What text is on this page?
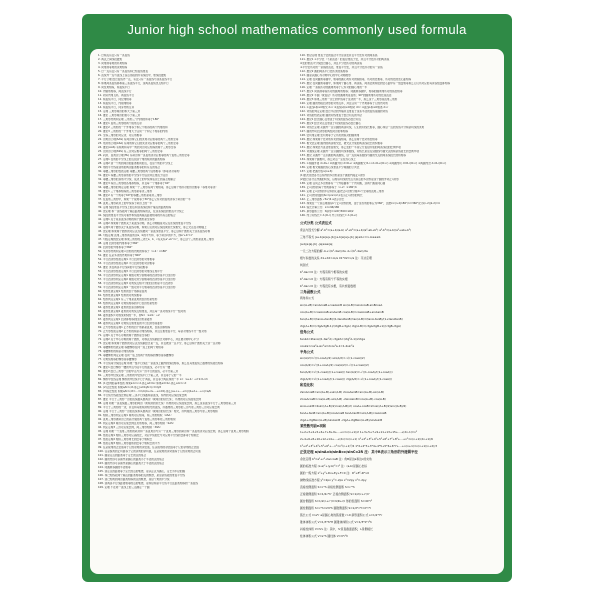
Junior high school mathematics commonly used formula
1. 过两点有且只有一条直线
2. 两点之间线段最短
3. 同角或等角的补角相等
4. 同角或等角的余角相等
5. 过一点有且只有一条直线和已知直线垂直
6. 直线外一点与直线上各点连接的所有线段中，垂线段最短
7. 平行公理 经过直线外一点，有且只有一条直线与这条直线平行
8. 如果两条直线都和第三条直线平行，这两条直线也互相平行
9. 同位角相等，两直线平行
10. 内错角相等，两直线平行
11. 同旁内角互补，两直线平行
12. 两直线平行，同位角相等
13. 两直线平行，内错角相等
14. 两直线平行，同旁内角互补
15. 定理 三角形两边的和大于第三边
16. 推论 三角形两边的差小于第三边
17. 三角形内角和定理 三角形三个内角的和等于180°
18. 推论1 直角三角形的两个锐角互余
19. 推论2 三角形的一个外角等于和它不相邻的两个内角的和
20. 推论3 三角形的一个外角大于任何一个和它不相邻的内角
21. 全等三角形的对应边、对应角相等
22. 边角边公理(SAS) 有两边和它们的夹角对应相等的两个三角形全等
23. 角边角公理(ASA) 有两角和它们的夹边对应相等的两个三角形全等
24. 推论(AAS) 有两角和其中一角的对边对应相等的两个三角形全等
25. 边边边公理(SSS) 有三边对应相等的两个三角形全等
26. 斜边、直角边公理(HL) 有斜边和一条直角边对应相等的两个直角三角形全等
27. 定理1 在角的平分线上的点到这个角的两边的距离相等
28. 定理2 到一个角的两边的距离相同的点，在这个角的平分线上
29. 角的平分线是到角的两边距离相等的所有点的集合
30. 等腰三角形的性质定理 等腰三角形的两个底角相等（即等边对等角）
31. 推论1 等腰三角形顶角的平分线平分底边并且垂直于底边
32. 等腰三角形的顶角平分线、底边上的中线和底边上的高互相重合
33. 推论3 等边三角形的各角都相等，并且每一个角都等于60°
34. 等腰三角形的判定定理 如果一个三角形有两个角相等，那么这两个角所对的边也相等（等角对等边）
35. 推论1 三个角都相等的三角形是等边三角形
36. 推论2 有一个角等于60°的等腰三角形是等边三角形
37. 在直角三角形中，如果一个锐角等于30°那么它所对的直角边等于斜边的一半
38. 直角三角形斜边上的中线等于斜边上的一半
39. 定理 线段垂直平分线上的点和这条线段两个端点的距离相等
40. 逆定理 和一条线段两个端点距离相等的点，在这条线段的垂直平分线上
41. 线段的垂直平分线可看作和线段两端点距离相等的所有点的集合
42. 定理1 关于某条直线对称的两个图形是全等形
43. 定理2 如果两个图形关于某直线对称，那么对称轴是对应点连线的垂直平分线
44. 定理3 两个图形关于某直线对称，如果它们的对应线段或延长线相交，那么交点在对称轴上
45. 逆定理 如果两个图形的对应点连线被同一条直线垂直平分，那么这两个图形关于这条直线对称
46. 勾股定理 直角三角形两直角边a、b的平方和、等于斜边c的平方，即a²+b²=c²
47. 勾股定理的逆定理 如果三角形的三边长a、b、c有关系a²+b²=c²，那么这个三角形是直角三角形
48. 定理 四边形的内角和等于360°
49. 四边形的外角和等于360°
50. 多边形内角和定理 n边形的内角的和等于（n-2）×180°
51. 推论 任意多边的外角和等于360°
52. 平行四边形性质定理1 平行四边形的对角相等
53. 平行四边形性质定理2 平行四边形的对边相等
54. 推论 夹在两条平行线间的平行线段相等
55. 平行四边形性质定理3 平行四边形的对角线互相平分
56. 平行四边形判定定理1 两组对角分别相等的四边形是平行四边形
57. 平行四边形判定定理2 两组对边分别相等的四边形是平行四边形
58. 平行四边形判定定理3 对角线互相平分的四边形是平行四边形
59. 平行四边形判定定理4 一组对边平行相等的四边形是平行四边形
60. 矩形性质定理1 矩形的四个角都是直角
61. 矩形性质定理2 矩形的对角线相等
62. 矩形判定定理1 有三个角是直角的四边形是矩形
63. 矩形判定定理2 对角线相等的平行四边形是矩形
64. 菱形性质定理1 菱形的四条边都相等
65. 菱形性质定理2 菱形的对角线互相垂直，并且每一条对角线平分一组对角
66. 菱形面积=对角线乘积的一半，即S=（a×b）÷2
67. 菱形判定定理1 四边都相等的四边形是菱形
68. 菱形判定定理2 对角线互相垂直的平行四边形是菱形
69. 正方形性质定理1 正方形的四个角都是直角，四条边都相等
70. 正方形性质定理2 正方形的两条对角线相等，并且互相垂直平分，每条对角线平分一组对角
71. 定理1 关于中心对称的两个图形是全等的
72. 定理2 关于中心对称的两个图形，对称点连线都经过对称中心，并且被对称中心平分
73. 逆定理 如果两个图形的对应点连线都经过某一点，并且被这一点平分，那么这两个图形关于这一点对称
74. 等腰梯形性质定理 等腰梯形在同一底上的两个角相等
75. 等腰梯形的两条对角线相等
76. 等腰梯形判定定理 在同一底上的两个角相等的梯形是等腰梯形
77. 对角线相等的梯形是等腰梯形
78. 平行线等分线段定理 如果一组平行线在一条直线上截得的线段相等，那么在其他直线上截得的线段也相等
79. 推论1 经过梯形一腰的中点与底平行的直线，必平分另一腰
80. 推论2 经过三角形一边的中点与另一边平行的直线，必平分第三边
81. 三角形中位线定理 三角形的中位线平行于第三边，并且等于它的一半
82. 梯形中位线定理 梯形的中位线平行于两底，并且等于两底和的一半 L=（a+b）÷2 S=L×h
83. (1)比例的基本性质 如果a:b=c:d,那么ad=bc 如果ad=bc,那么a:b=c:d
84. (2)合比性质 如果a/b=c/d,那么(a±b)/b=(c±d)/d
85. (3)等比性质 如果a/b=c/d=…=m/n(b+d+…+n≠0),那么(a+c+…+m)/(b+d+…+n)=a/b
86. 平行线分线段成比例定理 三条平行线截两条直线，所得的对应线段成比例
87. 推论 平行于三角形一边的直线截其他两边（或两边的延长线），所得的对应线段成比例
88. 定理 如果一条直线截三角形的两边（或两边的延长线）所得的对应线段成比例，那么这条直线平行于三角形的第三边
89. 平行于三角形的一边，并且和其他两边相交的直线，所截得的三角形的三边与原三角形三边对应成比例
90. 定理 平行于三角形一边的直线和其他两边（或两边的延长线）相交，所构成的三角形与原三角形相似
91. 相似三角形判定定理1 两角对应相等，两三角形相似（ASA）
92. 直角三角形被斜边上的高分成的两个直角三角形和原三角形相似
93. 判定定理2 两边对应成比例且夹角相等，两三角形相似（SAS）
94. 判定定理3 三边对应成比例，两三角形相似（SSS）
95. 定理 如果一个直角三角形的斜边和一条直角边与另一个直角三角形的斜边和一条直角边对应成比例，那么这两个直角三角形相似
96. 性质定理1 相似三角形对应高的比，对应中线的比与对应角平分线的比都等于相似比
97. 性质定理2 相似三角形周长的比等于相似比
98. 性质定理3 相似三角形面积的比等于相似比的平方
99. 任意锐角的正弦值等于它的余角的余弦值，任意锐角的余弦值等于它的余角的正弦值
100. 任意锐角的正切值等于它的余角的余切值，任意锐角的余切值等于它的余角的正切值
101. 圆是定点的距离等于定长的点的集合
102. 圆的内部可以看作是圆心的距离小于半径的点的集合
103. 圆的外部可以看作是圆心的距离大于半径的点的集合
104. 同圆或等圆的半径相等
105. 到定点的距离等于定长的点的轨迹，是以定点为圆心，定长为半径的圆
106. 和已知线段两个端点的距离相等的点的轨迹，是这条线段的垂直平分线
107. 到已知角的两边距离相等的点的轨迹，是这个角的平分线
108. 到两条平行线距离相等的点的轨迹，是和这两条平行线平行且距离相等的一条直线
109. 定理 不在同一直线上的三点确定一个圆
110. 垂径定理 垂直于弦的直径平分这条弦并且平分弦所对的两条弧
111. 推论1 ①平分弦（不是直径）的直径垂直于弦，并且平分弦所对的两条弧
②弦的垂直平分线经过圆心，并且平分弦所对的两条弧
③平分弦所对的一条弧的直径，垂直平分弦，并且平分弦所对的另一条弧
112. 推论2 圆的两条平行弦所夹的弧相等
113. 圆是以圆心为对称中心的中心对称图形
114. 定理 在同圆或等圆中，相等的圆心角所对的弧相等，所对的弦相等，所对的弦的弦心距相等
115. 推论 在同圆或等圆中，如果两个圆心角、两条弧、两条弦或两弦的弦心距中有一组量相等那么它们所对应的其余各组量都相等
116. 定理 一条弧所对的圆周角等于它所对的圆心角的一半
117. 推论1 同弧或等弧所对的圆周角相等；同圆或等圆中，相等的圆周角所对的弧也相等
118. 推论2 半圆（或直径）所对的圆周角是直角；90°的圆周角所对的弦是直径
119. 推论3 如果三角形一边上的中线等于这边的一半，那么这个三角形是直角三角形
120. 定理 圆的内接四边形的对角互补，并且任何一个外角都等于它的内对角
121. ①直线L和⊙O相交 d<r ②直线L和⊙O相切 d=r ③直线L和⊙O相离 d>r
122. 切线的判定定理 经过半径的外端并且垂直于这条半径的直线是圆的切线
123. 切线的性质定理 圆的切线垂直于经过切点的半径
124. 推论1 经过圆心且垂直于切线的直线必经过切点
125. 推论2 经过切点且垂直于切线的直线必经过圆心
126. 切线长定理 从圆外一点引圆的两条切线，它们的切线长相等，圆心和这一点的连线平分两条切线的夹角
127. 圆的外切四边形的两组对边的和相等
128. 弦切角定理 弦切角等于它所夹的弧对的圆周角
129. 推论 如果两个弦切角所夹的弧相等，那么这两个弦切角也相等
130. 相交弦定理 圆内的两条相交弦，被交点分成的两条线段长的积相等
131. 推论 如果弦与直径垂直相交，那么弦的一半是它分直径所成的两条线段的比例中项
132. 切割线定理 从圆外一点引圆的切线和割线，切线长是这点到割线与圆交点的两条线段长的比例中项
133. 推论 从圆外一点引圆的两条割线，这一点到每条割线与圆的交点的两条线段长的积相等
134. 如果两个圆相切，那么切点一定在连心线上
135. ①两圆外离 d>R+r ②两圆外切 d=R+r ③两圆相交 R-r<d<R+r(R>r) ④两圆内切 d=R-r(R>r) ⑤两圆内含 d<R-r(R>r)
136. 定理 相交两圆的连心线垂直平分两圆的公共弦
137. 定理 把圆分成n(n≥3):
(1)依次连结各分点所得的多边形是这个圆的内接正n边形
(2)经过各分点作圆的切线，以相邻切线的交点为顶点的多边形是这个圆的外切正n边形
138. 定理 任何正多边形都有一个外接圆和一个内切圆，这两个圆是同心圆
139. 正n边形的每个内角都等于（n-2）×180°/n
140. 定理 正n边形的半径和边心距把正n边形分成2n个全等的直角三角形
141. 正n边形的面积Sn=pnrn/2 p表示正n边形的周长
142. 正三角形面积 √3a²/4 a表示边长
143. 如果在一个顶点周围有k个正n边形的角，由于这些角的和应为360°，因此k×(n-2)180°/n=360°化为(n-2)(k-2)=4
144. 弧长计算公式：L=nπR/180
145. 扇形面积公式：S扇形=nπR²/360=LR/2
146. 内公切线长= d-(R-r) 外公切线长= d-(R+r)
公式分类 公式表达式
乘法与因式分解 a²-b²=(a+b)(a-b) a³+b³=(a+b)(a²-ab+b²) a³-b³=(a-b)(a²+ab+b²)
三角不等式 |a+b|≤|a|+|b| |a-b|≤|a|+|b| |a|≤b<=>-b≤a≤b
|a-b|≥|a|-|b| -|a|≤a≤|a|
一元二次方程的解 -b+√(b²-4ac)/2a -b-√(b²-4ac)/2a
根与系数的关系 X1+X2=-b/a X1*X2=c/a 注：韦达定理
判别式
b²-4ac=0 注：方程有两个相等的实根
b²-4ac>0 注：方程有两个不等的实根
b²-4ac<0 注：方程没有实根，有共轭复数根
三角函数公式
两角和公式
sin(A+B)=sinAcosB+cosAsinB sin(A-B)=sinAcosB-sinBcosA
cos(A+B)=cosAcosB-sinAsinB cos(A-B)=cosAcosB+sinAsinB
tan(A+B)=(tanA+tanB)/(1-tanAtanB) tan(A-B)=(tanA-tanB)/(1+tanAtanB)
ctg(A+B)=(ctgActgB-1)/(ctgB+ctgA) ctg(A-B)=(ctgActgB+1)/(ctgB-ctgA)
倍角公式
tan2A=2tanA/(1-tan²A) ctg2A=(ctg²A-1)/2ctga
cos2a=cos²a-sin²a=2cos²a-1=1-2sin²a
半角公式
sin(A/2)=√((1-cosA)/2) sin(A/2)=-√((1-cosA)/2)
cos(A/2)=√((1+cosA)/2) cos(A/2)=-√((1+cosA)/2)
tan(A/2)=√((1-cosA)/((1+cosA))) tan(A/2)=-√((1-cosA)/((1+cosA)))
ctg(A/2)=√((1+cosA)/((1-cosA))) ctg(A/2)=-√((1+cosA)/((1-cosA)))
和差化积
2sinAcosB=sin(A+B)+sin(A-B) 2cosAsinB=sin(A+B)-sin(A-B)
2cosAcosB=cos(A+B)-sin(A-B) -2sinAsinB=cos(A+B)-cos(A-B)
sinA+sinB=2sin((A+B)/2)cos((A-B)/2) cosA+cosB=2cos((A+B)/2)sin((A-B)/2)
tanA+tanB=sin(A+B)/cosAcosB tanA-tanB=sin(A-B)/cosAcosB
ctgA+ctgBsin(A+B)/sinAsinB -ctgA+ctgBsin(A+B)/sinAsinB
某些数列前n项和
1+2+3+4+5+6+7+8+9+…+n=n(n+1)/2 1+3+5+7+9+11+13+15+…+(2n-1)=n²
2+4+6+8+10+12+14+…+(2n)=n(n+1) 1²+2²+3²+4²+5²+6²+7²+8²+…+n²=n(n+1)(2n+1)/6
1³+2³+3³+4³+5³+6³+…n³=n²(n+1)²/4 1*2+2*3+3*4+4*5+5*6+6*7+…+n(n+1)=n(n+1)(n+2)/3
正弦定理 a/sinA=b/sinB=c/sinC=2R 注：其中R表示三角形的外接圆半径
余弦定理 b²=a²+c²-2accosB 注：角B是边a和边c的夹角
圆的标准方程 (x-a)²+(y-b)²=r² 注：(a,b)是圆心坐标
圆的一般方程 x²+y²+Dx+Ey+F=0 注：D²+E²-4F>0
抛物线标准方程 y²=2px y²=-2px x²=2py x²=-2py
直棱柱侧面积 S=c*h 斜棱柱侧面积 S=c'*h
正棱锥侧面积 S=1/2c*h' 正棱台侧面积 S=1/2(c+c')h'
圆台侧面积 S=1/2(c+c')l=π(R+r)l 球的表面积 S=4π*r²
圆柱侧面积 S=c*h=2π*h 圆锥侧面积 S=1/2*c*l=π*r*l
弧长公式 l=a*r a是圆心角的弧度数 r>0 扇形面积公式 s=1/2*l*r
锥体体积公式 V=1/3*S*H 圆锥体体积公式 V=1/3*π*r²h
斜棱柱体积 V=S'L 注：其中，S'是直截面面积，L是侧棱长
柱体体积公式 V=s*h 圆柱体 V=π*r²h
